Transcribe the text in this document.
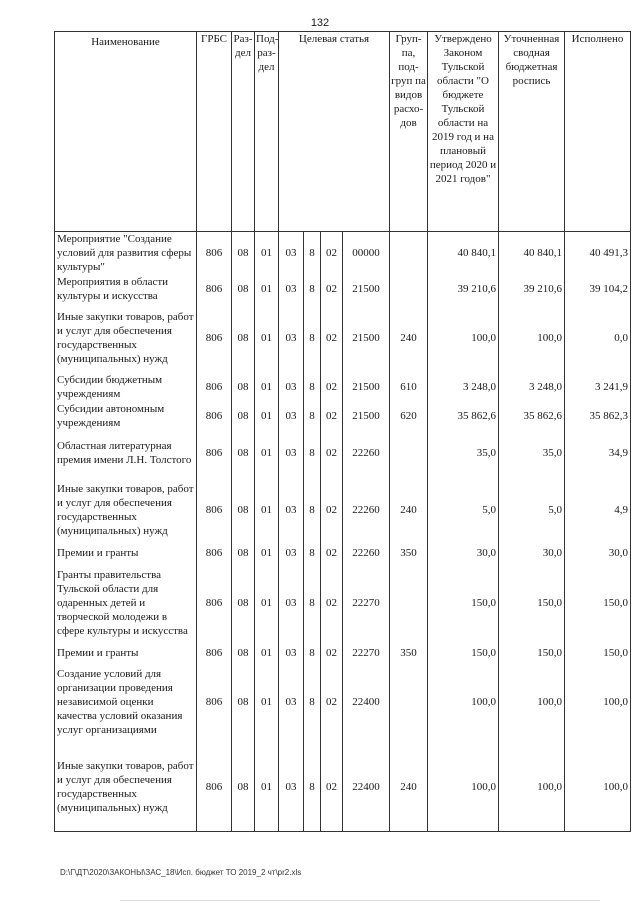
132
Наименование	ГРБС	Раз-дел	Под-раз-дел	Целевая статья				Груп-па, под-груп па видов расхо-дов	Утверждено Законом Тульской области "О бюджете Тульской области на 2019 год и на плановый период 2020 и 2021 годов"	Уточненная сводная бюджетная роспись	Исполнено
Мероприятие "Создание условий для развития сферы культуры"	806	08	01	03	8	02	00000		40 840,1	40 840,1	40 491,3
Мероприятия в области культуры и искусства	806	08	01	03	8	02	21500		39 210,6	39 210,6	39 104,2
Иные закупки товаров, работ и услуг для обеспечения государственных (муниципальных) нужд	806	08	01	03	8	02	21500	240	100,0	100,0	0,0
Субсидии бюджетным учреждениям	806	08	01	03	8	02	21500	610	3 248,0	3 248,0	3 241,9
Субсидии автономным учреждениям	806	08	01	03	8	02	21500	620	35 862,6	35 862,6	35 862,3
Областная литературная премия имени Л.Н. Толстого	806	08	01	03	8	02	22260		35,0	35,0	34,9
Иные закупки товаров, работ и услуг для обеспечения государственных (муниципальных) нужд	806	08	01	03	8	02	22260	240	5,0	5,0	4,9
Премии и гранты	806	08	01	03	8	02	22260	350	30,0	30,0	30,0
Гранты правительства Тульской области для одаренных детей и творческой молодежи в сфере культуры и искусства	806	08	01	03	8	02	22270		150,0	150,0	150,0
Премии и гранты	806	08	01	03	8	02	22270	350	150,0	150,0	150,0
Создание условий для организации проведения независимой оценки качества условий оказания услуг организациями	806	08	01	03	8	02	22400		100,0	100,0	100,0
Иные закупки товаров, работ и услуг для обеспечения государственных (муниципальных) нужд	806	08	01	03	8	02	22400	240	100,0	100,0	100,0
D:\Г\ДТ\2020\ЗАКОНЫ\ЗАС_18\Исп. бюджет ТО 2019_2 чт\pr2.xls
